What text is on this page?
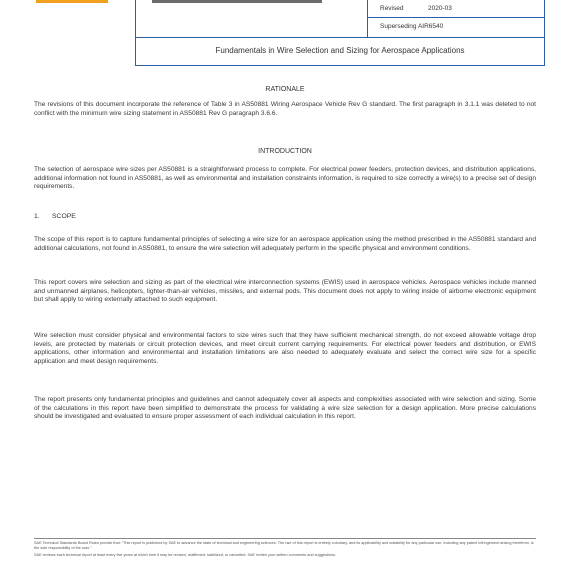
Revised	2020-03
Superseding AIR6540
Fundamentals in Wire Selection and Sizing for Aerospace Applications
RATIONALE

The revisions of this document incorporate the reference of Table 3 in AS50881 Wiring Aerospace Vehicle Rev G standard. The first paragraph in 3.1.1 was deleted to not conflict with the minimum wire sizing statement in AS50881 Rev G paragraph 3.6.6.

INTRODUCTION

The selection of aerospace wire sizes per AS50881 is a straightforward process to complete. For electrical power feeders, protection devices, and distribution applications, additional information not found in AS50881, as well as environmental and installation constraints information, is required to size correctly a wire(s) to a precise set of design requirements.

1. SCOPE

The scope of this report is to capture fundamental principles of selecting a wire size for an aerospace application using the method prescribed in the AS50881 standard and additional calculations, not found in AS50881, to ensure the wire selection will adequately perform in the specific physical and environment conditions.

This report covers wire selection and sizing as part of the electrical wire interconnection systems (EWIS) used in aerospace vehicles. Aerospace vehicles include manned and unmanned airplanes, helicopters, lighter-than-air vehicles, missiles, and external pods. This document does not apply to wiring inside of airborne electronic equipment but shall apply to wiring externally attached to such equipment.

Wire selection must consider physical and environmental factors to size wires such that they have sufficient mechanical strength, do not exceed allowable voltage drop levels, are protected by materials or circuit protection devices, and meet circuit current carrying requirements. For electrical power feeders and distribution, or EWIS applications, other information and environmental and installation limitations are also needed to adequately evaluate and select the correct wire size for a specific application and meet design requirements.

The report presents only fundamental principles and guidelines and cannot adequately cover all aspects and complexities associated with wire selection and sizing. Some of the calculations in this report have been simplified to demonstrate the process for validating a wire size selection for a design application. More precise calculations should be investigated and evaluated to ensure proper assessment of each individual calculation in this report.

SAE Technical Standards Board Rules provide that: "This report is published by SAE to advance the state of technical and engineering sciences. The use of this report is entirely voluntary, and its applicability and suitability for any particular use, including any patent infringement arising therefrom, is the sole responsibility of the user."
SAE reviews each technical report at least every five years at which time it may be revised, reaffirmed, stabilized, or cancelled. SAE invites your written comments and suggestions.
